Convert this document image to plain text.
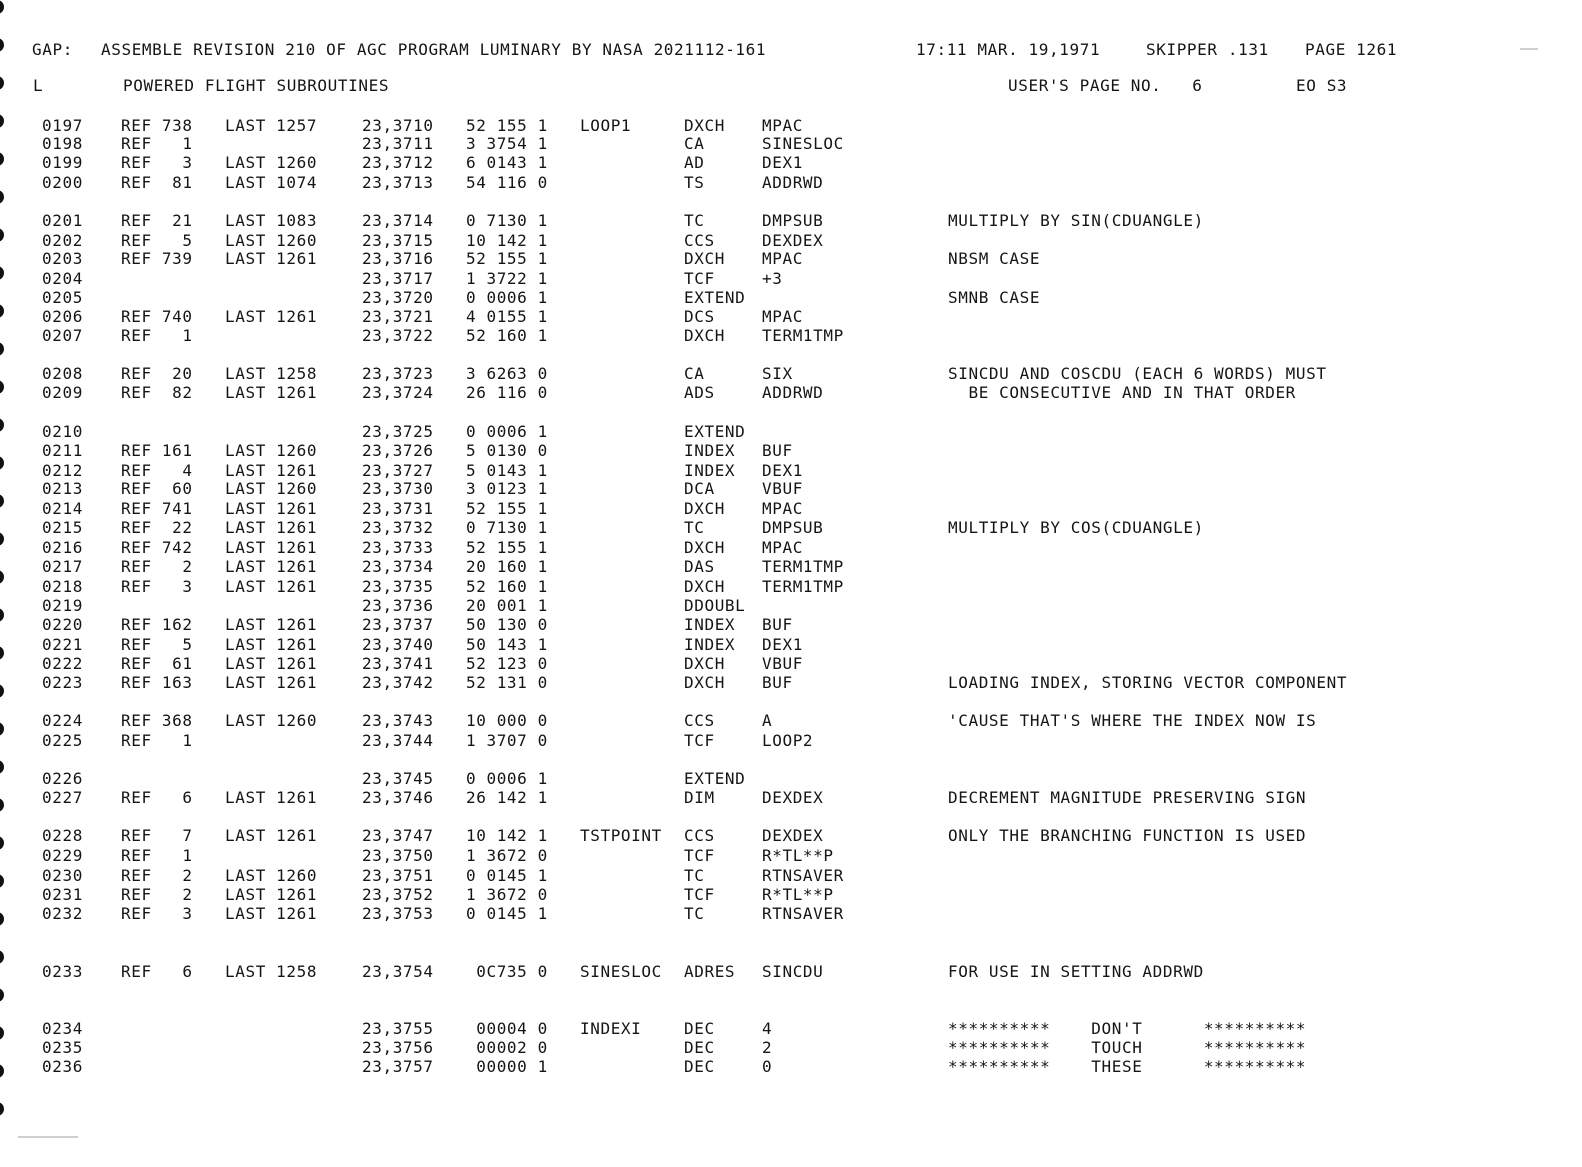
GAP: ASSEMBLE REVISION 210 OF AGC PROGRAM LUMINARY BY NASA 2021112-161	17:11 MAR. 19,1971	SKIPPER .131 PAGE 1261
L	POWERED FLIGHT SUBROUTINES	USER'S PAGE NO.   6	EO S3
0197 REF 738 LAST 1257	23,3710 52 155 1 LOOP1	DXCH MPAC
0198 REF   1	23,3711 3 3754 1	CA	SINESLOC
0199 REF   3 LAST 1260	23,3712 6 0143 1	AD	DEX1
0200 REF  81 LAST 1074	23,3713 54 116 0	TS	ADDRWD
0201 REF  21 LAST 1083	23,3714 0 7130 1	TC	DMPSUB	MULTIPLY BY SIN(CDUANGLE)
0202 REF   5 LAST 1260	23,3715 10 142 1	CCS	DEXDEX
0203 REF 739 LAST 1261	23,3716 52 155 1	DXCH MPAC	NBSM CASE
0204	23,3717 1 3722 1	TCF	+3
0205	23,3720 0 0006 1	EXTEND	SMNB CASE
0206 REF 740 LAST 1261	23,3721 4 0155 1	DCS	MPAC
0207 REF   1	23,3722 52 160 1	DXCH TERM1TMP
0208 REF  20 LAST 1258	23,3723 3 6263 0	CA	SIX	SINCDU AND COSCDU (EACH 6 WORDS) MUST
0209 REF  82 LAST 1261	23,3724 26 116 0	ADS	ADDRWD	BE CONSECUTIVE AND IN THAT ORDER
0210	23,3725 0 0006 1	EXTEND
0211 REF 161 LAST 1260	23,3726 5 0130 0	INDEX BUF
0212 REF   4 LAST 1261	23,3727 5 0143 1	INDEX DEX1
0213 REF  60 LAST 1260	23,3730 3 0123 1	DCA	VBUF
0214 REF 741 LAST 1261	23,3731 52 155 1	DXCH MPAC
0215 REF  22 LAST 1261	23,3732 0 7130 1	TC	DMPSUB	MULTIPLY BY COS(CDUANGLE)
0216 REF 742 LAST 1261	23,3733 52 155 1	DXCH MPAC
0217 REF   2 LAST 1261	23,3734 20 160 1	DAS	TERM1TMP
0218 REF   3 LAST 1261	23,3735 52 160 1	DXCH TERM1TMP
0219	23,3736 20 001 1	DDOUBL
0220 REF 162 LAST 1261	23,3737 50 130 0	INDEX BUF
0221 REF   5 LAST 1261	23,3740 50 143 1	INDEX DEX1
0222 REF  61 LAST 1261	23,3741 52 123 0	DXCH VBUF
0223 REF 163 LAST 1261	23,3742 52 131 0	DXCH BUF	LOADING INDEX, STORING VECTOR COMPONENT
0224 REF 368 LAST 1260	23,3743 10 000 0	CCS	A	'CAUSE THAT'S WHERE THE INDEX NOW IS
0225 REF   1	23,3744 1 3707 0	TCF	LOOP2
0226	23,3745 0 0006 1	EXTEND
0227 REF   6 LAST 1261	23,3746 26 142 1	DIM	DEXDEX	DECREMENT MAGNITUDE PRESERVING SIGN
0228 REF   7 LAST 1261	23,3747 10 142 1 TSTPOINT CCS	DEXDEX	ONLY THE BRANCHING FUNCTION IS USED
0229 REF   1	23,3750 1 3672 0	TCF	R*TL**P
0230 REF   2 LAST 1260	23,3751 0 0145 1	TC	RTNSAVER
0231 REF   2 LAST 1261	23,3752 1 3672 0	TCF	R*TL**P
0232 REF   3 LAST 1261	23,3753 0 0145 1	TC	RTNSAVER
0233 REF   6 LAST 1258	23,3754 0C735 0 SINESLOC ADRES SINCDU	FOR USE IN SETTING ADDRWD
0234	23,3755 00004 0 INDEXI	DEC	4	**********    DON'T      **********
0235	23,3756 00002 0	DEC	2	**********    TOUCH      **********
0236	23,3757 00000 1	DEC	0	**********    THESE      **********
